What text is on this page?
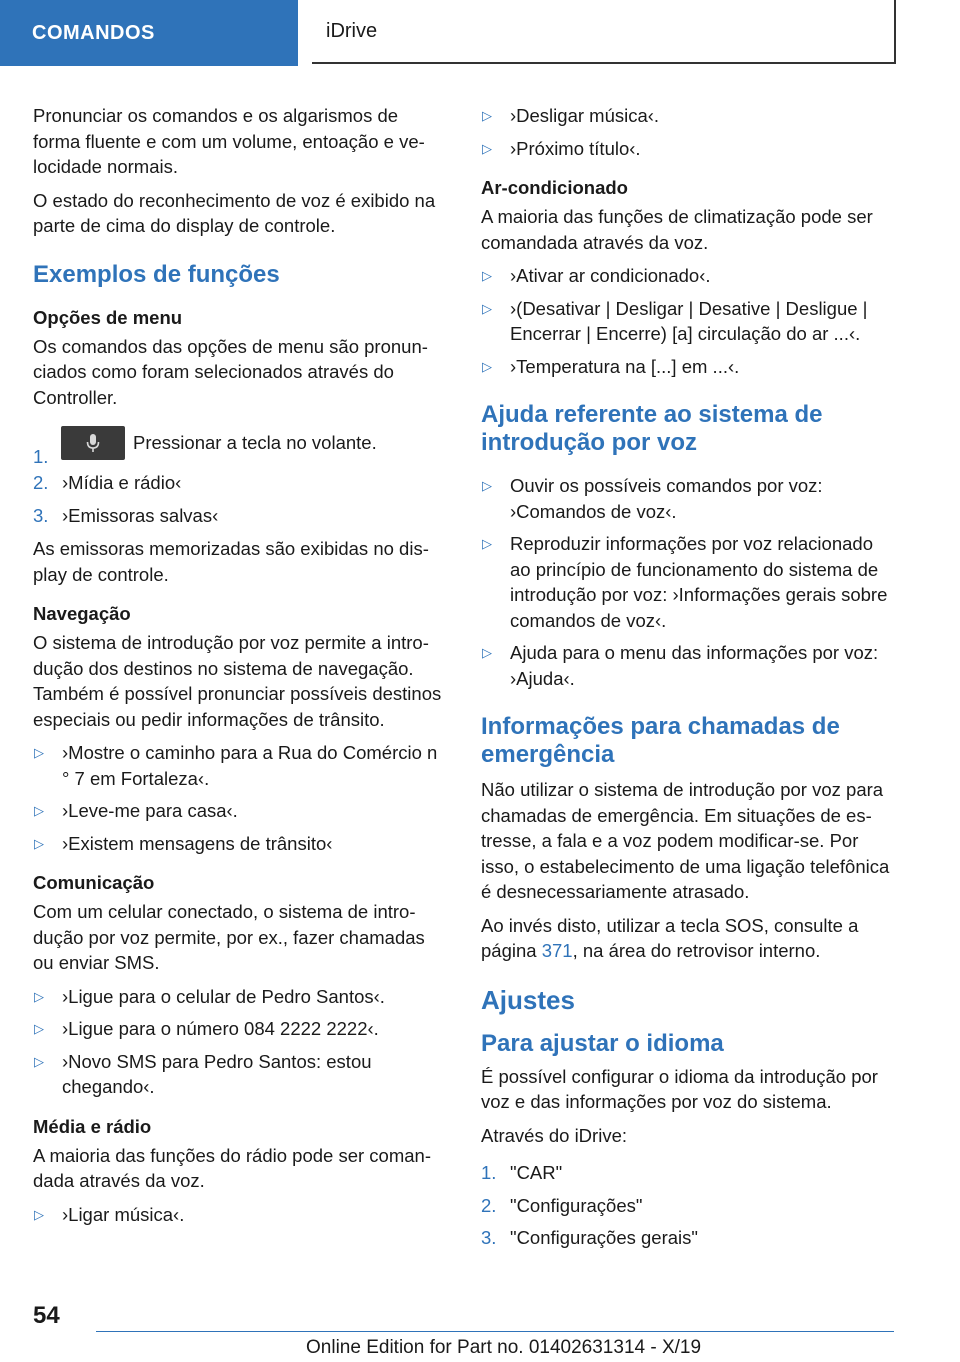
COMANDOS	iDrive

Pronunciar os comandos e os algarismos de forma fluente e com um volume, entoação e velocidade normais.

O estado do reconhecimento de voz é exibido na parte de cima do display de controle.

Exemplos de funções
Opções de menu

Os comandos das opções de menu são pronunciados como foram selecionados através do Controller.

1.
Pressionar a tecla no volante.
2. ›Mídia e rádio‹
3. ›Emissoras salvas‹

As emissoras memorizadas são exibidas no display de controle.

Navegação

O sistema de introdução por voz permite a introdução dos destinos no sistema de navegação. Também é possível pronunciar possíveis destinos especiais ou pedir informações de trânsito.

▷ ›Mostre o caminho para a Rua do Comércio n ° 7 em Fortaleza‹.
▷ ›Leve-me para casa‹.
▷ ›Existem mensagens de trânsito‹
Comunicação

Com um celular conectado, o sistema de introdução por voz permite, por ex., fazer chamadas ou enviar SMS.

▷ ›Ligue para o celular de Pedro Santos‹.
▷ ›Ligue para o número 084 2222 2222‹.
▷ ›Novo SMS para Pedro Santos: estou chegando‹.
Média e rádio

A maioria das funções do rádio pode ser comandada através da voz.

▷ ›Ligar música‹.
▷ ›Desligar música‹.
▷ ›Próximo título‹.
Ar-condicionado

A maioria das funções de climatização pode ser comandada através da voz.

▷ ›Ativar ar condicionado‹.
▷ ›(Desativar | Desligar | Desative | Desligue | Encerrar | Encerre) [a] circulação do ar ...‹.
▷ ›Temperatura na [...] em ...‹.
Ajuda referente ao sistema de introdução por voz
▷ Ouvir os possíveis comandos por voz: ›Comandos de voz‹.
▷ Reproduzir informações por voz relacionado ao princípio de funcionamento do sistema de introdução por voz: ›Informações gerais sobre comandos de voz‹.
▷ Ajuda para o menu das informações por voz: ›Ajuda‹.
Informações para chamadas de emergência

Não utilizar o sistema de introdução por voz para chamadas de emergência. Em situações de estresse, a fala e a voz podem modificar-se. Por isso, o estabelecimento de uma ligação telefônica é desnecessariamente atrasado.

Ao invés disto, utilizar a tecla SOS, consulte a página 371, na área do retrovisor interno.

Ajustes
Para ajustar o idioma

É possível configurar o idioma da introdução por voz e das informações por voz do sistema.

Através do iDrive:

1. "CAR"
2. "Configurações"
3. "Configurações gerais"
54
Online Edition for Part no. 01402631314 - X/19
